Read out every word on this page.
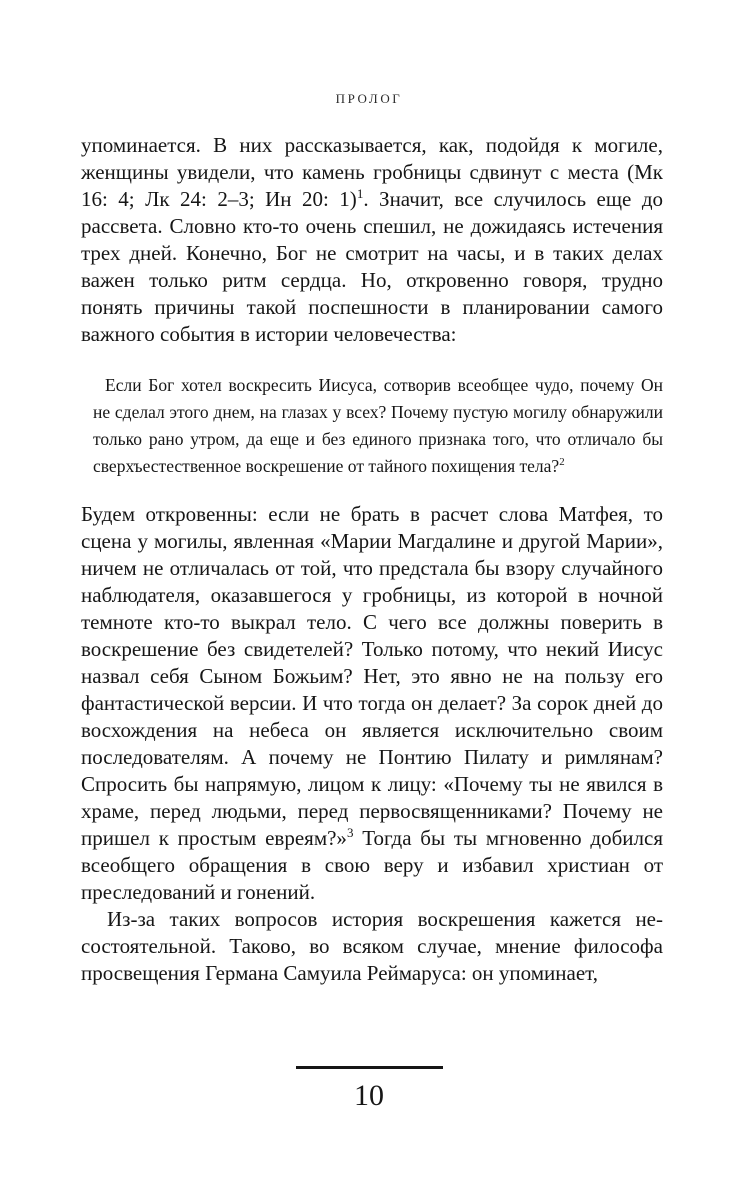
ПРОЛОГ

упоминается. В них рассказывается, как, подойдя к могиле, женщины увидели, что камень гробницы сдвинут с места (Мк 16: 4; Лк 24: 2–3; Ин 20: 1)$^1$. Значит, все случилось еще до рассвета. Словно кто-то очень спешил, не дожидаясь истечения трех дней. Конечно, Бог не смотрит на часы, и в таких делах важен только ритм сердца. Но, откровенно говоря, трудно понять причины такой поспешности в планировании самого важного события в истории человечества:

Если Бог хотел воскресить Иисуса, сотворив всеобщее чудо, почему Он не сделал этого днем, на глазах у всех? Почему пустую могилу обнаружили только рано утром, да еще и без единого признака того, что отличало бы сверхъестественное воскрешение от тайного похищения тела?$^2$

Будем откровенны: если не брать в расчет слова Матфея, то сцена у могилы, явленная «Марии Магдалине и другой Марии», ничем не отличалась от той, что предстала бы взору случайного наблюдателя, оказавшегося у гробницы, из которой в ночной темноте кто-то выкрал тело. С чего все должны поверить в воскрешение без свидетелей? Только потому, что некий Иисус назвал себя Сыном Божьим? Нет, это явно не на пользу его фантастической версии. И что тогда он делает? За сорок дней до восхождения на небеса он является исключительно своим последователям. А почему не Понтию Пилату и римлянам? Спросить бы напрямую, лицом к лицу: «Почему ты не явился в храме, перед людьми, перед первосвященниками? Почему не пришел к простым евреям?»$^3$ Тогда бы ты мгновенно добился всеобщего обращения в свою веру и избавил христиан от преследований и гонений.

Из-за таких вопросов история воскрешения кажется несостоятельной. Таково, во всяком случае, мнение философа просвещения Германа Самуила Реймаруса: он упоминает,

10
